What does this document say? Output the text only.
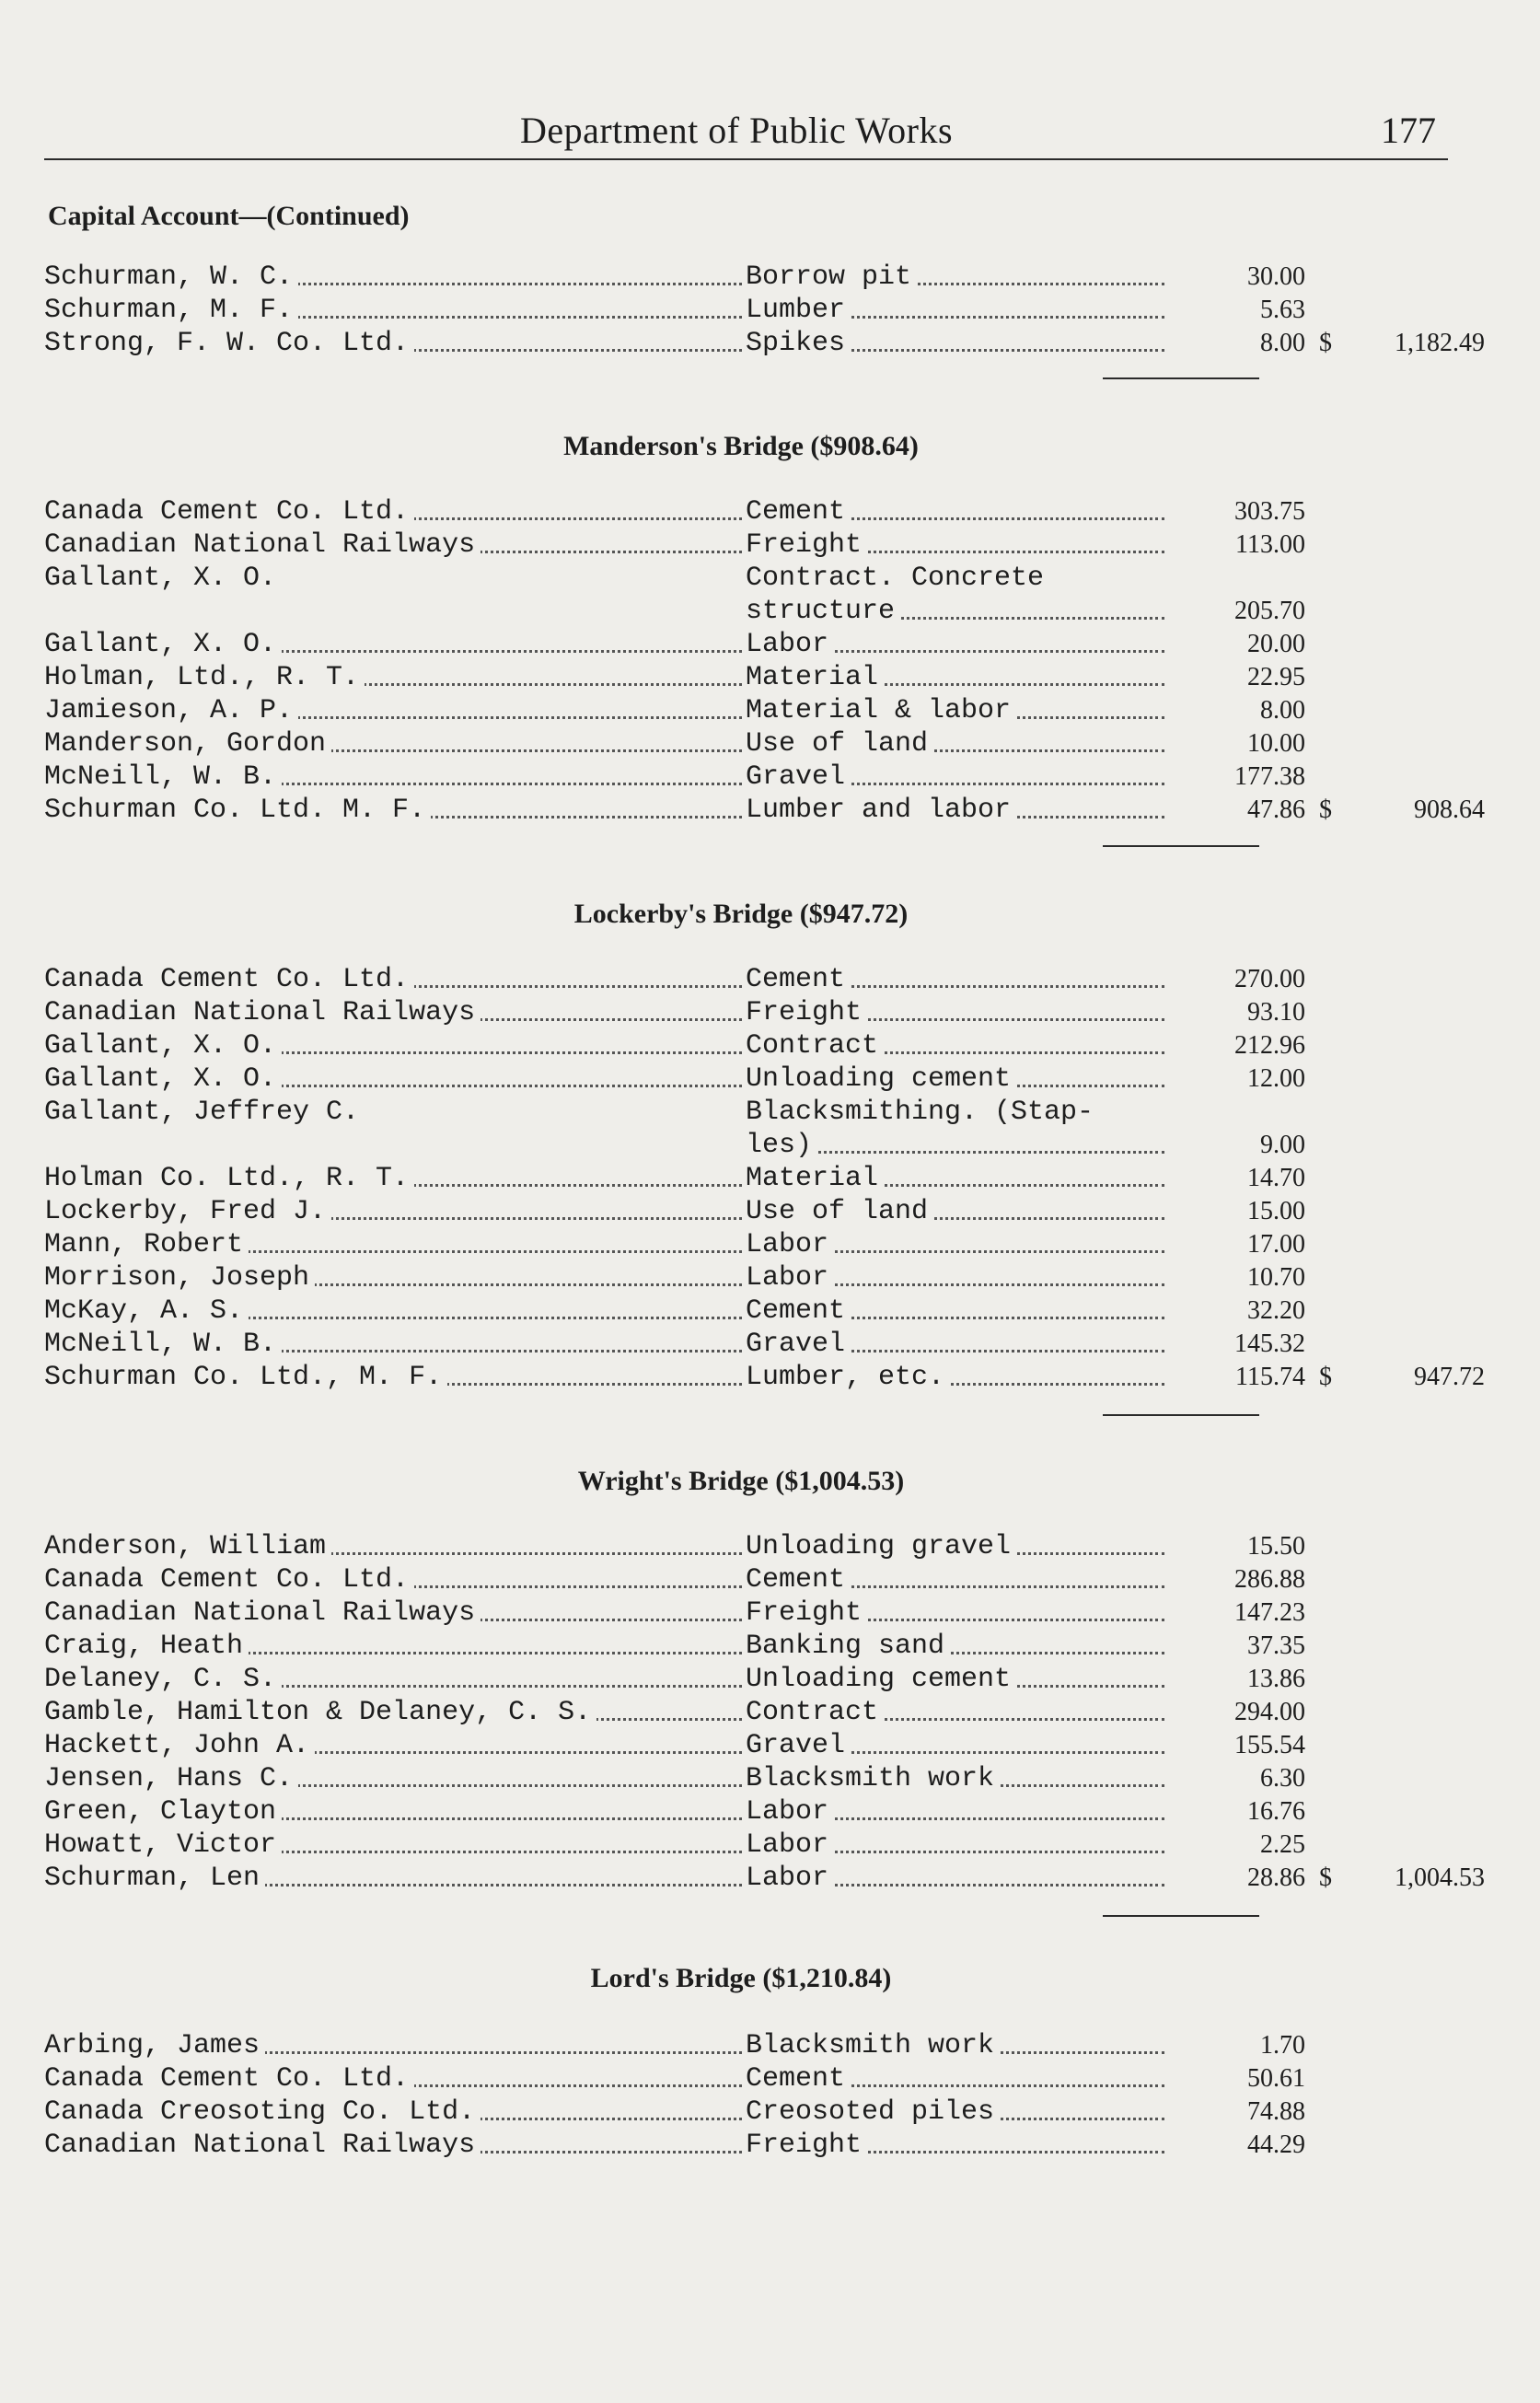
Department of Public Works	177
Capital Account—(Continued)
Schurman, W. C.	Borrow pit	30.00
Schurman, M. F.	Lumber	5.63
Strong, F. W. Co. Ltd.	Spikes	8.00 $	1,182.49
Manderson's Bridge ($908.64)
Canada Cement Co. Ltd.	Cement	303.75
Canadian National Railways	Freight	113.00
Gallant, X. O.	Contract. Concrete
structure	205.70
Gallant, X. O.	Labor	20.00
Holman, Ltd., R. T.	Material	22.95
Jamieson, A. P.	Material & labor	8.00
Manderson, Gordon	Use of land	10.00
McNeill, W. B.	Gravel	177.38
Schurman Co. Ltd. M. F.	Lumber and labor	47.86 $	908.64
Lockerby's Bridge ($947.72)
Canada Cement Co. Ltd.	Cement	270.00
Canadian National Railways	Freight	93.10
Gallant, X. O.	Contract	212.96
Gallant, X. O.	Unloading cement	12.00
Gallant, Jeffrey C.	Blacksmithing. (Stap-
les)	9.00
Holman Co. Ltd., R. T.	Material	14.70
Lockerby, Fred J.	Use of land	15.00
Mann, Robert	Labor	17.00
Morrison, Joseph	Labor	10.70
McKay, A. S.	Cement	32.20
McNeill, W. B.	Gravel	145.32
Schurman Co. Ltd., M. F.	Lumber, etc.	115.74 $	947.72
Wright's Bridge ($1,004.53)
Anderson, William	Unloading gravel	15.50
Canada Cement Co. Ltd.	Cement	286.88
Canadian National Railways	Freight	147.23
Craig, Heath	Banking sand	37.35
Delaney, C. S.	Unloading cement	13.86
Gamble, Hamilton & Delaney, C. S.	Contract	294.00
Hackett, John A.	Gravel	155.54
Jensen, Hans C.	Blacksmith work	6.30
Green, Clayton	Labor	16.76
Howatt, Victor	Labor	2.25
Schurman, Len	Labor	28.86 $	1,004.53
Lord's Bridge ($1,210.84)
Arbing, James	Blacksmith work	1.70
Canada Cement Co. Ltd.	Cement	50.61
Canada Creosoting Co. Ltd.	Creosoted piles	74.88
Canadian National Railways	Freight	44.29
